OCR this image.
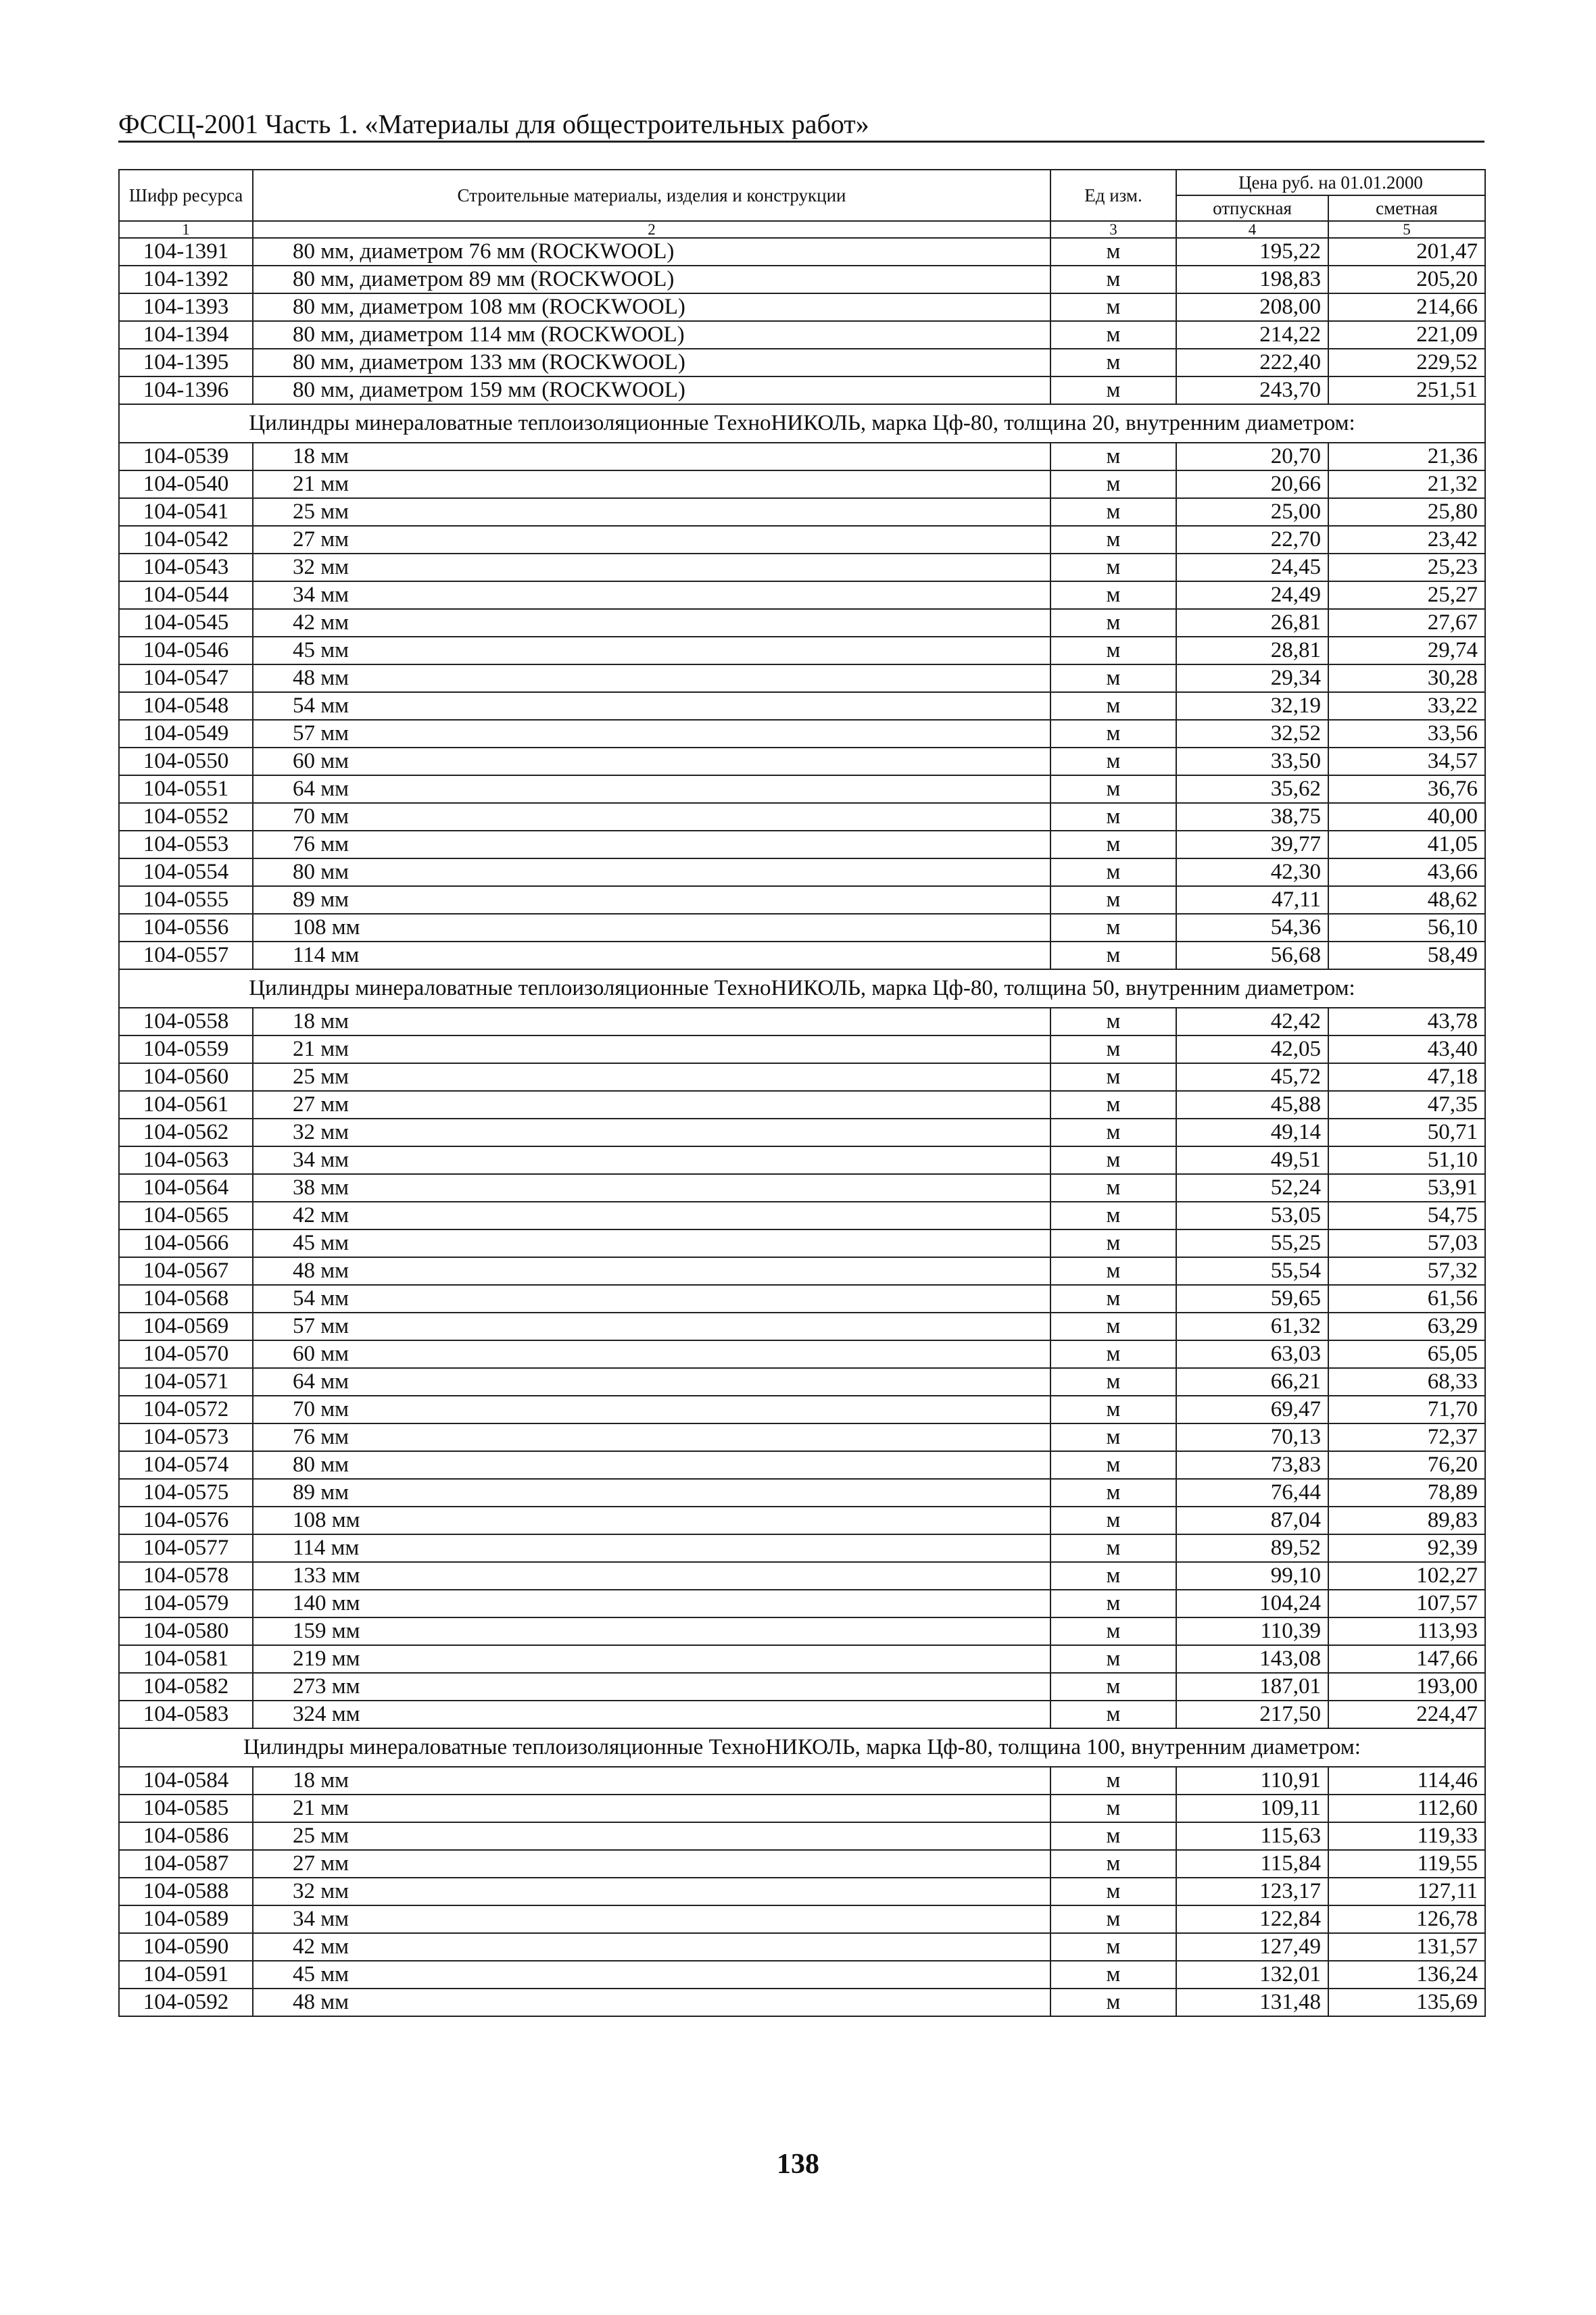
ФССЦ-2001 Часть 1. «Материалы для общестроительных работ»
Шифр ресурса	Строительные материалы, изделия и конструкции	Ед изм.	Цена руб. на 01.01.2000	
			отпускная	сметная
1	2	3	4	5
104-1391	80 мм, диаметром 76 мм (ROCKWOOL)	м	195,22	201,47
104-1392	80 мм, диаметром 89 мм (ROCKWOOL)	м	198,83	205,20
104-1393	80 мм, диаметром 108 мм (ROCKWOOL)	м	208,00	214,66
104-1394	80 мм, диаметром 114 мм (ROCKWOOL)	м	214,22	221,09
104-1395	80 мм, диаметром 133 мм (ROCKWOOL)	м	222,40	229,52
104-1396	80 мм, диаметром 159 мм (ROCKWOOL)	м	243,70	251,51
Цилиндры минераловатные теплоизоляционные ТехноНИКОЛЬ, марка Цф-80, толщина 20, внутренним диаметром:				
104-0539	18 мм	м	20,70	21,36
104-0540	21 мм	м	20,66	21,32
104-0541	25 мм	м	25,00	25,80
104-0542	27 мм	м	22,70	23,42
104-0543	32 мм	м	24,45	25,23
104-0544	34 мм	м	24,49	25,27
104-0545	42 мм	м	26,81	27,67
104-0546	45 мм	м	28,81	29,74
104-0547	48 мм	м	29,34	30,28
104-0548	54 мм	м	32,19	33,22
104-0549	57 мм	м	32,52	33,56
104-0550	60 мм	м	33,50	34,57
104-0551	64 мм	м	35,62	36,76
104-0552	70 мм	м	38,75	40,00
104-0553	76 мм	м	39,77	41,05
104-0554	80 мм	м	42,30	43,66
104-0555	89 мм	м	47,11	48,62
104-0556	108 мм	м	54,36	56,10
104-0557	114 мм	м	56,68	58,49
Цилиндры минераловатные теплоизоляционные ТехноНИКОЛЬ, марка Цф-80, толщина 50, внутренним диаметром:				
104-0558	18 мм	м	42,42	43,78
104-0559	21 мм	м	42,05	43,40
104-0560	25 мм	м	45,72	47,18
104-0561	27 мм	м	45,88	47,35
104-0562	32 мм	м	49,14	50,71
104-0563	34 мм	м	49,51	51,10
104-0564	38 мм	м	52,24	53,91
104-0565	42 мм	м	53,05	54,75
104-0566	45 мм	м	55,25	57,03
104-0567	48 мм	м	55,54	57,32
104-0568	54 мм	м	59,65	61,56
104-0569	57 мм	м	61,32	63,29
104-0570	60 мм	м	63,03	65,05
104-0571	64 мм	м	66,21	68,33
104-0572	70 мм	м	69,47	71,70
104-0573	76 мм	м	70,13	72,37
104-0574	80 мм	м	73,83	76,20
104-0575	89 мм	м	76,44	78,89
104-0576	108 мм	м	87,04	89,83
104-0577	114 мм	м	89,52	92,39
104-0578	133 мм	м	99,10	102,27
104-0579	140 мм	м	104,24	107,57
104-0580	159 мм	м	110,39	113,93
104-0581	219 мм	м	143,08	147,66
104-0582	273 мм	м	187,01	193,00
104-0583	324 мм	м	217,50	224,47
Цилиндры минераловатные теплоизоляционные ТехноНИКОЛЬ, марка Цф-80, толщина 100, внутренним диаметром:				
104-0584	18 мм	м	110,91	114,46
104-0585	21 мм	м	109,11	112,60
104-0586	25 мм	м	115,63	119,33
104-0587	27 мм	м	115,84	119,55
104-0588	32 мм	м	123,17	127,11
104-0589	34 мм	м	122,84	126,78
104-0590	42 мм	м	127,49	131,57
104-0591	45 мм	м	132,01	136,24
104-0592	48 мм	м	131,48	135,69
138
